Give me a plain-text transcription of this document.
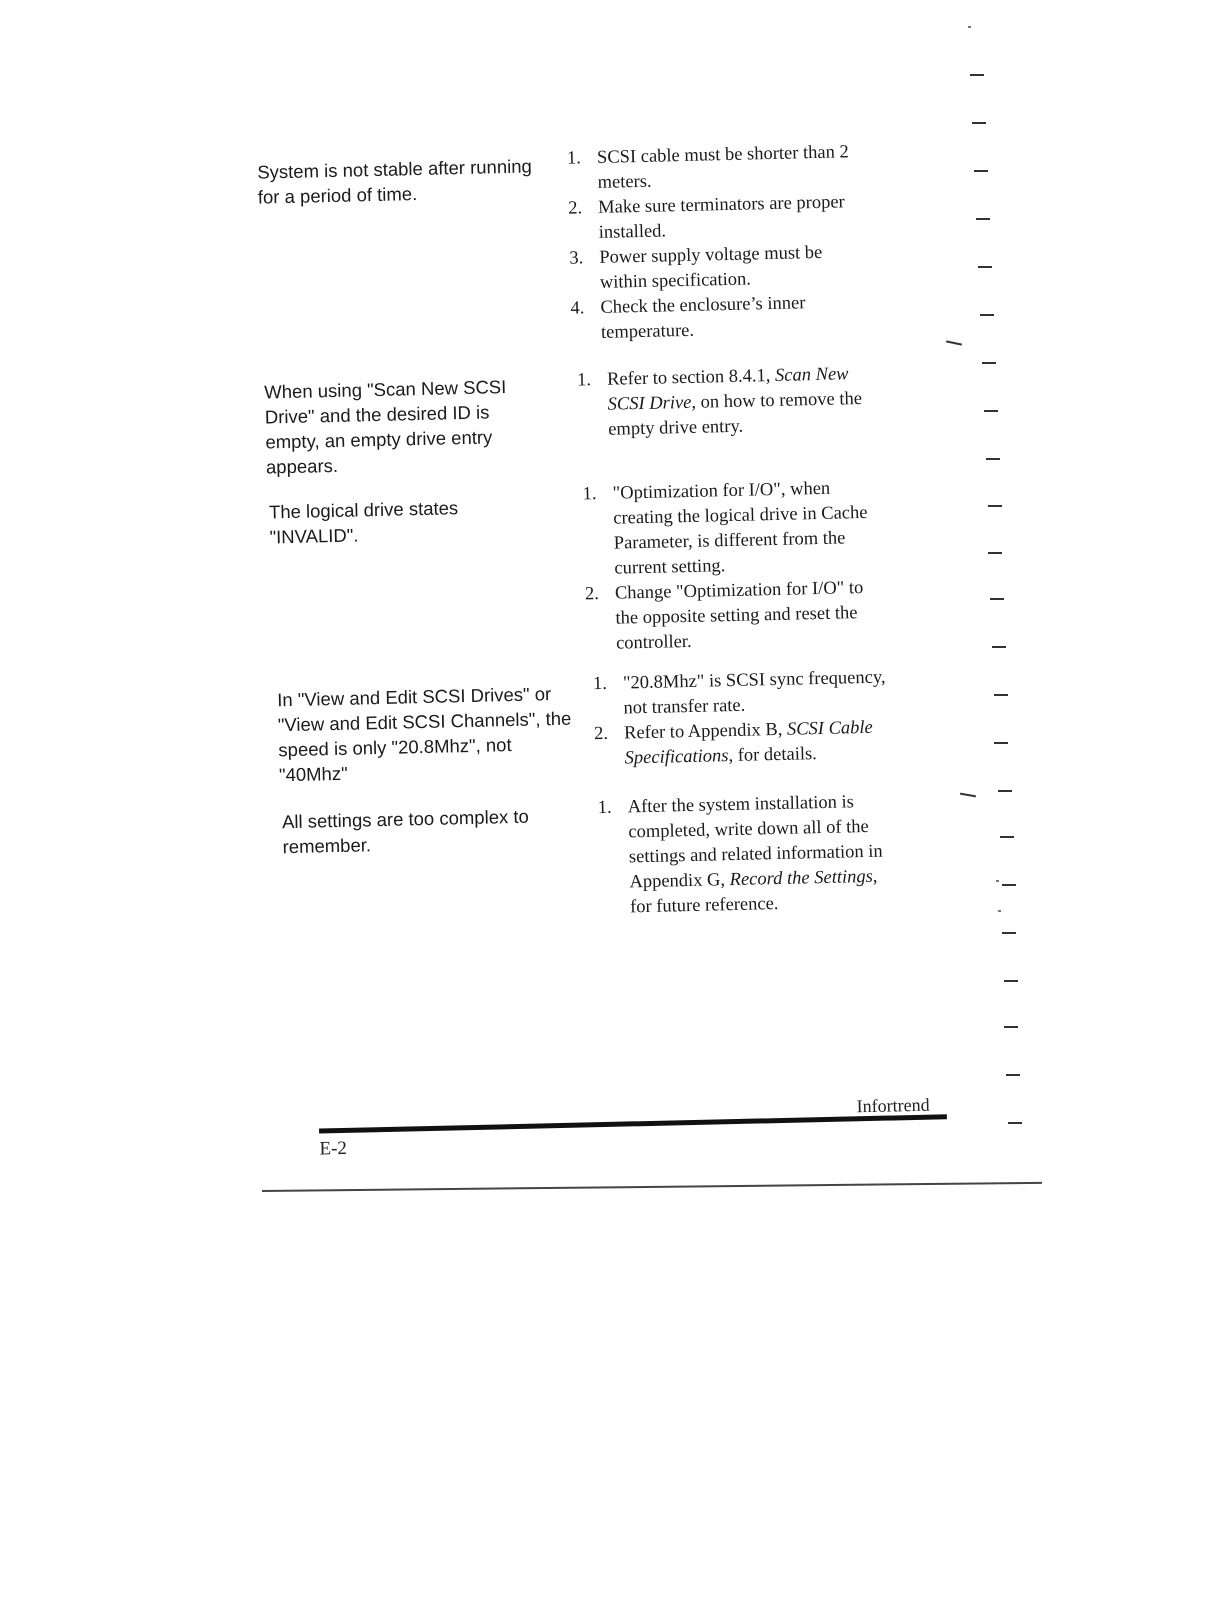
System is not stable after running for a period of time.
1. SCSI cable must be shorter than 2 meters.
2. Make sure terminators are proper installed.
3. Power supply voltage must be within specification.
4. Check the enclosure’s inner temperature.
When using "Scan New SCSI Drive" and the desired ID is empty, an empty drive entry appears.
1. Refer to section 8.4.1, Scan New SCSI Drive, on how to remove the empty drive entry.
The logical drive states "INVALID".
1. "Optimization for I/O", when creating the logical drive in Cache Parameter, is different from the current setting.
2. Change "Optimization for I/O" to the opposite setting and reset the controller.
In "View and Edit SCSI Drives" or "View and Edit SCSI Channels", the speed is only "20.8Mhz", not "40Mhz"
1. "20.8Mhz" is SCSI sync frequency, not transfer rate.
2. Refer to Appendix B, SCSI Cable Specifications, for details.
All settings are too complex to remember.
1. After the system installation is completed, write down all of the settings and related information in Appendix G, Record the Settings, for future reference.
Infortrend
E-2
